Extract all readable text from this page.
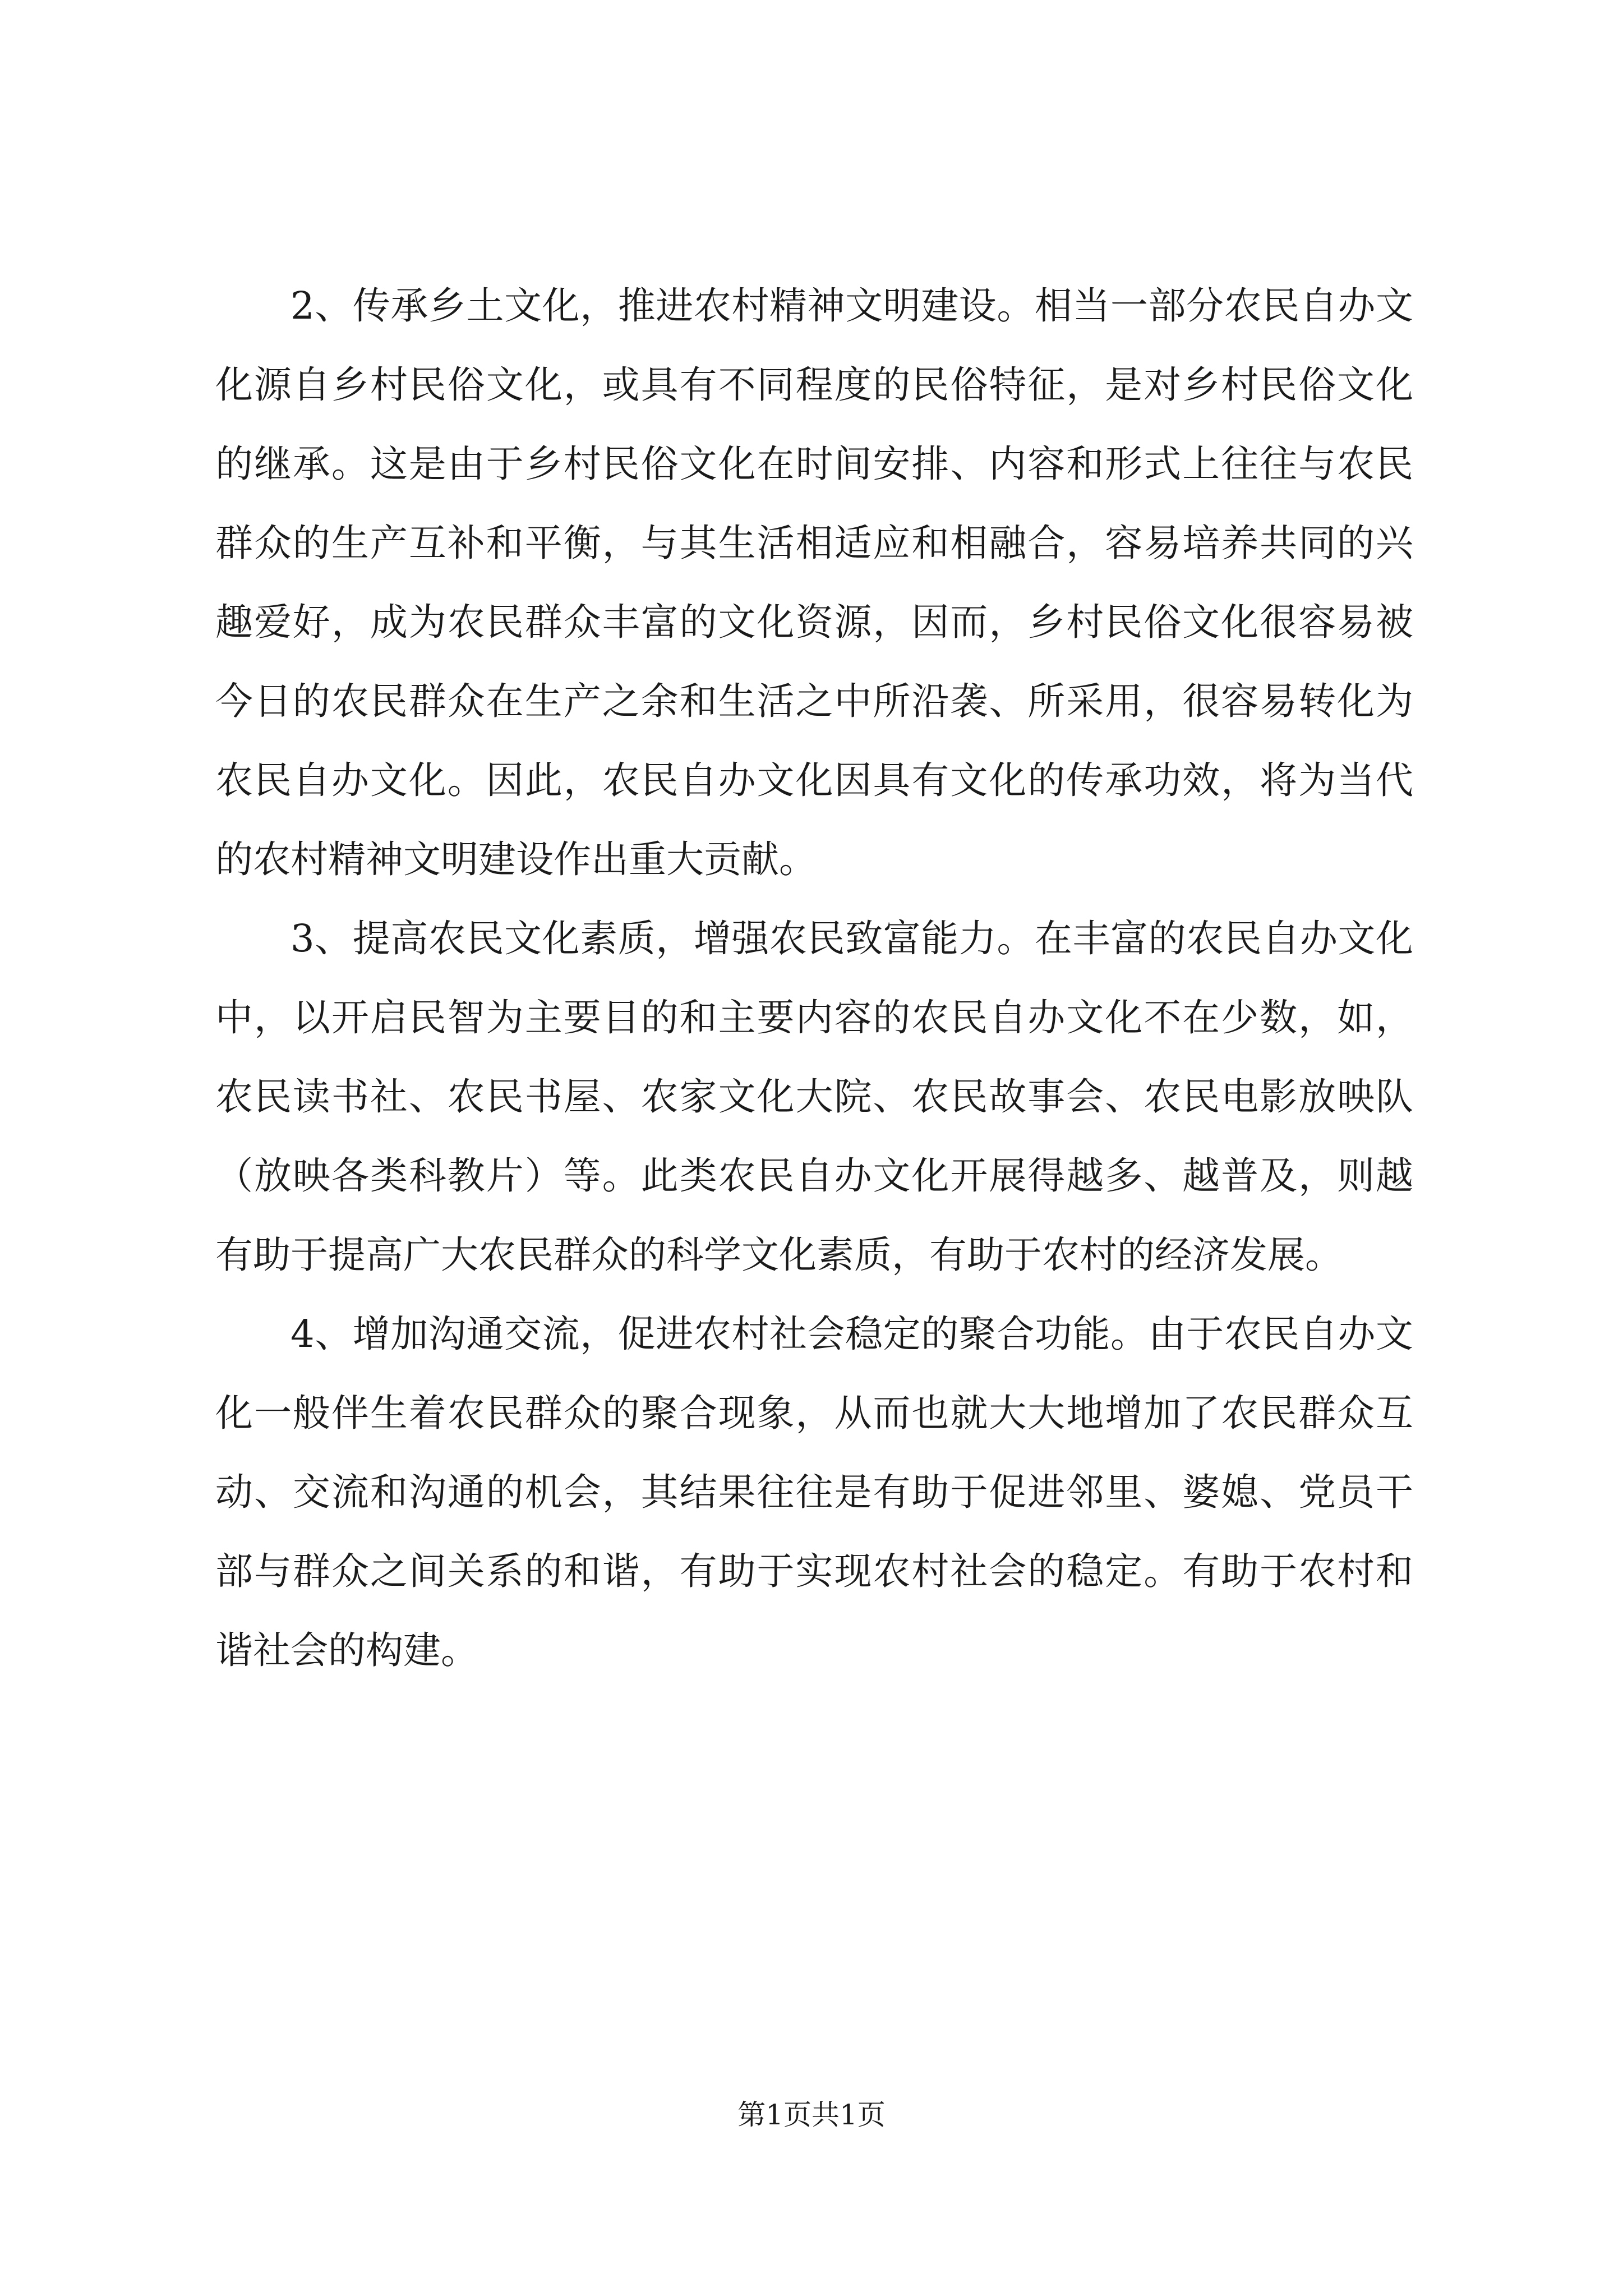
2、传承乡土文化，推进农村精神文明建设。相当一部分农民自办文化源自乡村民俗文化，或具有不同程度的民俗特征，是对乡村民俗文化的继承。这是由于乡村民俗文化在时间安排、内容和形式上往往与农民群众的生产互补和平衡，与其生活相适应和相融合，容易培养共同的兴趣爱好，成为农民群众丰富的文化资源，因而，乡村民俗文化很容易被今日的农民群众在生产之余和生活之中所沿袭、所采用，很容易转化为农民自办文化。因此，农民自办文化因具有文化的传承功效，将为当代的农村精神文明建设作出重大贡献。

3、提高农民文化素质，增强农民致富能力。在丰富的农民自办文化中，以开启民智为主要目的和主要内容的农民自办文化不在少数，如，农民读书社、农民书屋、农家文化大院、农民故事会、农民电影放映队（放映各类科教片）等。此类农民自办文化开展得越多、越普及，则越有助于提高广大农民群众的科学文化素质，有助于农村的经济发展。

4、增加沟通交流，促进农村社会稳定的聚合功能。由于农民自办文化一般伴生着农民群众的聚合现象，从而也就大大地增加了农民群众互动、交流和沟通的机会，其结果往往是有助于促进邻里、婆媳、党员干部与群众之间关系的和谐，有助于实现农村社会的稳定。有助于农村和谐社会的构建。

第1页共1页
